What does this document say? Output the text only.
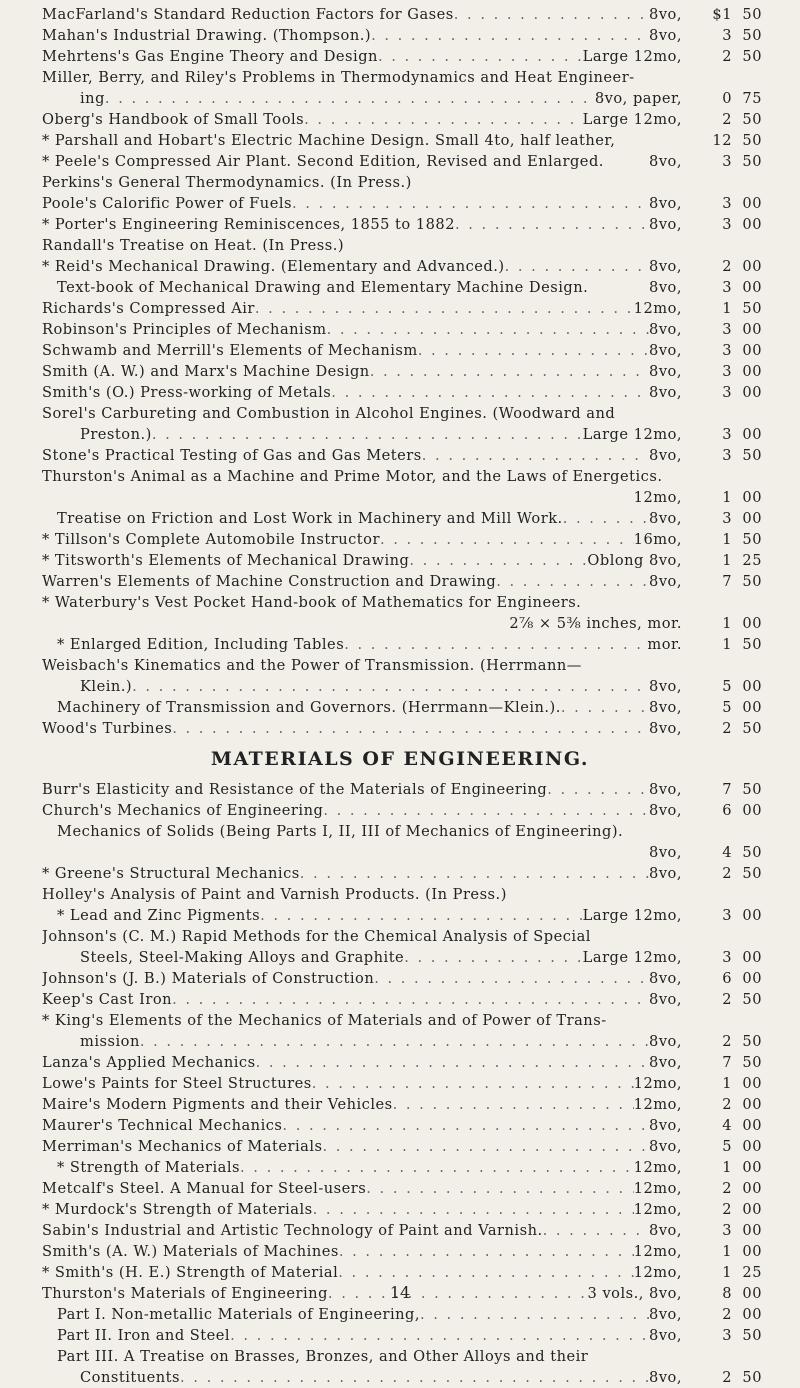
MacFarland's Standard Reduction Factors for Gases . . .	8vo,	$1 50
Mahan's Industrial Drawing. (Thompson.) . . .	8vo,	3 50
Mehrtens's Gas Engine Theory and Design . . .	Large 12mo,	2 50
Miller, Berry, and Riley's Problems in Thermodynamics and Heat Engineer-
ing . . .	8vo, paper,	0 75
Oberg's Handbook of Small Tools . . .	Large 12mo,	2 50
* Parshall and Hobart's Electric Machine Design. Small 4to, half leather,	12 50
* Peele's Compressed Air Plant. Second Edition, Revised and Enlarged.	8vo,	3 50
Perkins's General Thermodynamics. (In Press.)
Poole's Calorific Power of Fuels . . .	8vo,	3 00
* Porter's Engineering Reminiscences, 1855 to 1882 . . .	8vo,	3 00
Randall's Treatise on Heat. (In Press.)
* Reid's Mechanical Drawing. (Elementary and Advanced.) . . .	8vo,	2 00
Text-book of Mechanical Drawing and Elementary Machine Design.	8vo,	3 00
Richards's Compressed Air . . .	12mo,	1 50
Robinson's Principles of Mechanism . . .	8vo,	3 00
Schwamb and Merrill's Elements of Mechanism . . .	8vo,	3 00
Smith (A. W.) and Marx's Machine Design . . .	8vo,	3 00
Smith's (O.) Press-working of Metals . . .	8vo,	3 00
Sorel's Carbureting and Combustion in Alcohol Engines. (Woodward and
Preston.) . . .	Large 12mo,	3 00
Stone's Practical Testing of Gas and Gas Meters . . .	8vo,	3 50
Thurston's Animal as a Machine and Prime Motor, and the Laws of Energetics.
12mo,	1 00
Treatise on Friction and Lost Work in Machinery and Mill Work. . . .	8vo,	3 00
* Tillson's Complete Automobile Instructor . . .	16mo,	1 50
* Titsworth's Elements of Mechanical Drawing . . .	Oblong 8vo,	1 25
Warren's Elements of Machine Construction and Drawing . . .	8vo,	7 50
* Waterbury's Vest Pocket Hand-book of Mathematics for Engineers.
2⅞ × 5⅜ inches, mor.	1 00
* Enlarged Edition, Including Tables . . .	mor.	1 50
Weisbach's Kinematics and the Power of Transmission. (Herrmann—
Klein.) . . .	8vo,	5 00
Machinery of Transmission and Governors. (Herrmann—Klein.). . . .	8vo,	5 00
Wood's Turbines . . .	8vo,	2 50
MATERIALS OF ENGINEERING.
Burr's Elasticity and Resistance of the Materials of Engineering . . .	8vo,	7 50
Church's Mechanics of Engineering . . .	8vo,	6 00
Mechanics of Solids (Being Parts I, II, III of Mechanics of Engineering).
8vo,	4 50
* Greene's Structural Mechanics . . .	8vo,	2 50
Holley's Analysis of Paint and Varnish Products. (In Press.)
* Lead and Zinc Pigments . . .	Large 12mo,	3 00
Johnson's (C. M.) Rapid Methods for the Chemical Analysis of Special
Steels, Steel-Making Alloys and Graphite . . .	Large 12mo,	3 00
Johnson's (J. B.) Materials of Construction . . .	8vo,	6 00
Keep's Cast Iron . . .	8vo,	2 50
* King's Elements of the Mechanics of Materials and of Power of Trans-
mission . . .	8vo,	2 50
Lanza's Applied Mechanics . . .	8vo,	7 50
Lowe's Paints for Steel Structures . . .	12mo,	1 00
Maire's Modern Pigments and their Vehicles . . .	12mo,	2 00
Maurer's Technical Mechanics . . .	8vo,	4 00
Merriman's Mechanics of Materials . . .	8vo,	5 00
* Strength of Materials . . .	12mo,	1 00
Metcalf's Steel. A Manual for Steel-users . . .	12mo,	2 00
* Murdock's Strength of Materials . . .	12mo,	2 00
Sabin's Industrial and Artistic Technology of Paint and Varnish. . . .	8vo,	3 00
Smith's (A. W.) Materials of Machines . . .	12mo,	1 00
* Smith's (H. E.) Strength of Material . . .	12mo,	1 25
Thurston's Materials of Engineering . . .	3 vols., 8vo,	8 00
Part I. Non-metallic Materials of Engineering, . . .	8vo,	2 00
Part II. Iron and Steel . . .	8vo,	3 50
Part III. A Treatise on Brasses, Bronzes, and Other Alloys and their
Constituents . . .	8vo,	2 50
14
